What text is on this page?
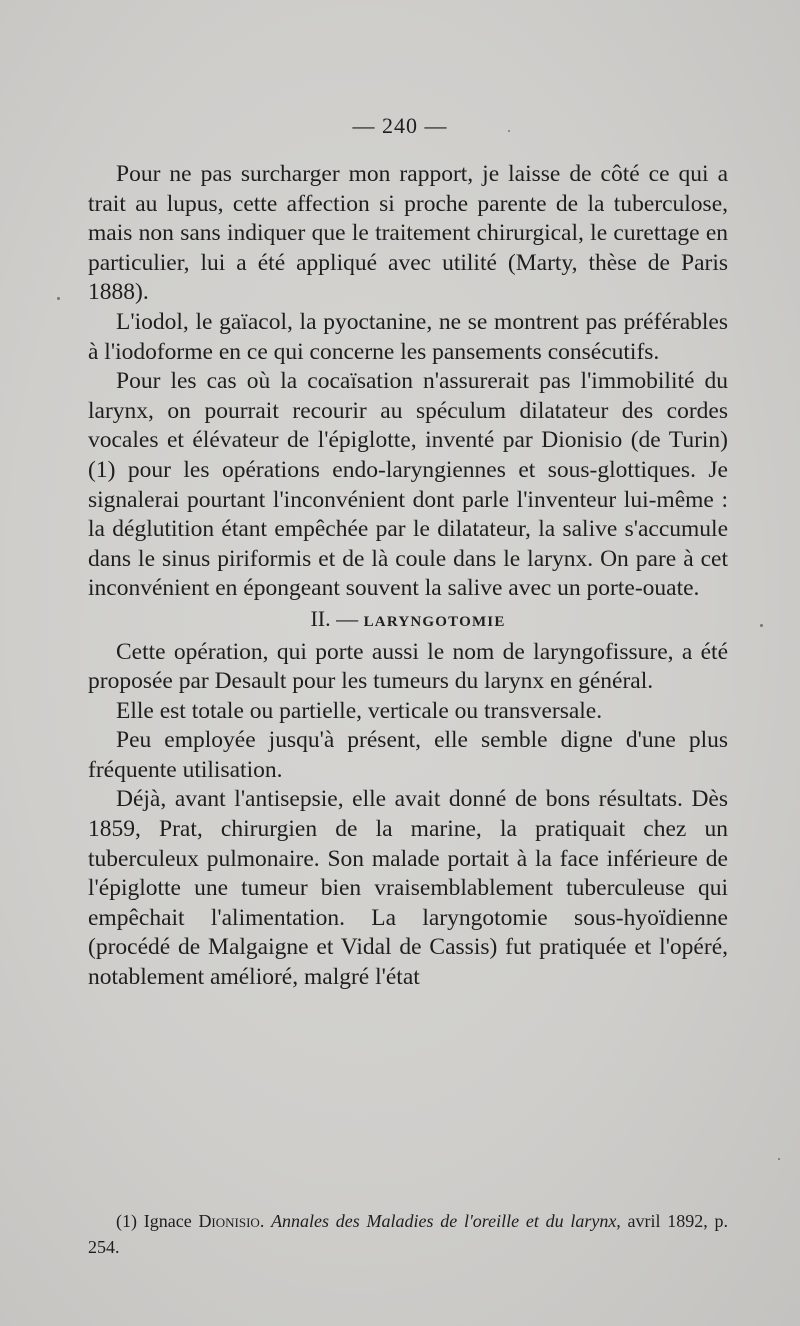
— 240 —

Pour ne pas surcharger mon rapport, je laisse de côté ce qui a trait au lupus, cette affection si proche parente de la tuberculose, mais non sans indiquer que le traitement chirurgical, le curettage en particulier, lui a été appliqué avec utilité (Marty, thèse de Paris 1888).

L'iodol, le gaïacol, la pyoctanine, ne se montrent pas préférables à l'iodoforme en ce qui concerne les pansements consécutifs.

Pour les cas où la cocaïsation n'assurerait pas l'immobilité du larynx, on pourrait recourir au spéculum dilatateur des cordes vocales et élévateur de l'épiglotte, inventé par Dionisio (de Turin) (1) pour les opérations endo-laryngiennes et sous-glottiques. Je signalerai pourtant l'inconvénient dont parle l'inventeur lui-même : la déglutition étant empêchée par le dilatateur, la salive s'accumule dans le sinus piriformis et de là coule dans le larynx. On pare à cet inconvénient en épongeant souvent la salive avec un porte-ouate.

II. — LARYNGOTOMIE

Cette opération, qui porte aussi le nom de laryngofissure, a été proposée par Desault pour les tumeurs du larynx en général.

Elle est totale ou partielle, verticale ou transversale.

Peu employée jusqu'à présent, elle semble digne d'une plus fréquente utilisation.

Déjà, avant l'antisepsie, elle avait donné de bons résultats. Dès 1859, Prat, chirurgien de la marine, la pratiquait chez un tuberculeux pulmonaire. Son malade portait à la face inférieure de l'épiglotte une tumeur bien vraisemblablement tuberculeuse qui empêchait l'alimentation. La laryngotomie sous-hyoïdienne (procédé de Malgaigne et Vidal de Cassis) fut pratiquée et l'opéré, notablement amélioré, malgré l'état

(1) Ignace Dionisio. Annales des Maladies de l'oreille et du larynx, avril 1892, p. 254.
